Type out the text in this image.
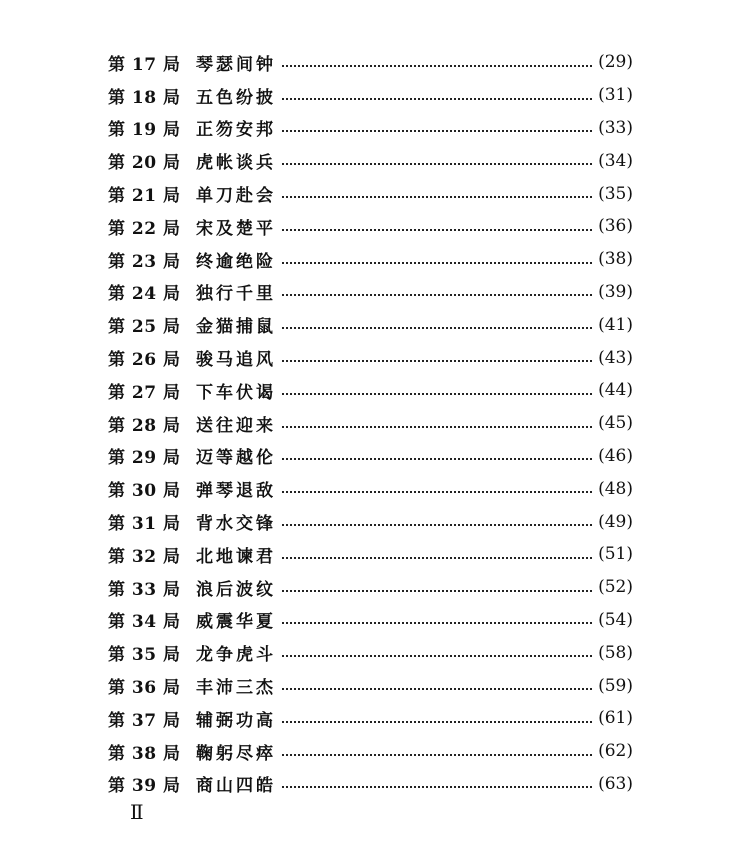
第 17 局 琴瑟间钟	(29)
第 18 局 五色纷披	(31)
第 19 局 正笏安邦	(33)
第 20 局 虎帐谈兵	(34)
第 21 局 单刀赴会	(35)
第 22 局 宋及楚平	(36)
第 23 局 终逾绝险	(38)
第 24 局 独行千里	(39)
第 25 局 金猫捕鼠	(41)
第 26 局 骏马追风	(43)
第 27 局 下车伏谒	(44)
第 28 局 送往迎来	(45)
第 29 局 迈等越伦	(46)
第 30 局 弹琴退敌	(48)
第 31 局 背水交锋	(49)
第 32 局 北地谏君	(51)
第 33 局 浪后波纹	(52)
第 34 局 威震华夏	(54)
第 35 局 龙争虎斗	(58)
第 36 局 丰沛三杰	(59)
第 37 局 辅弼功高	(61)
第 38 局 鞠躬尽瘁	(62)
第 39 局 商山四皓	(63)
Ⅱ
